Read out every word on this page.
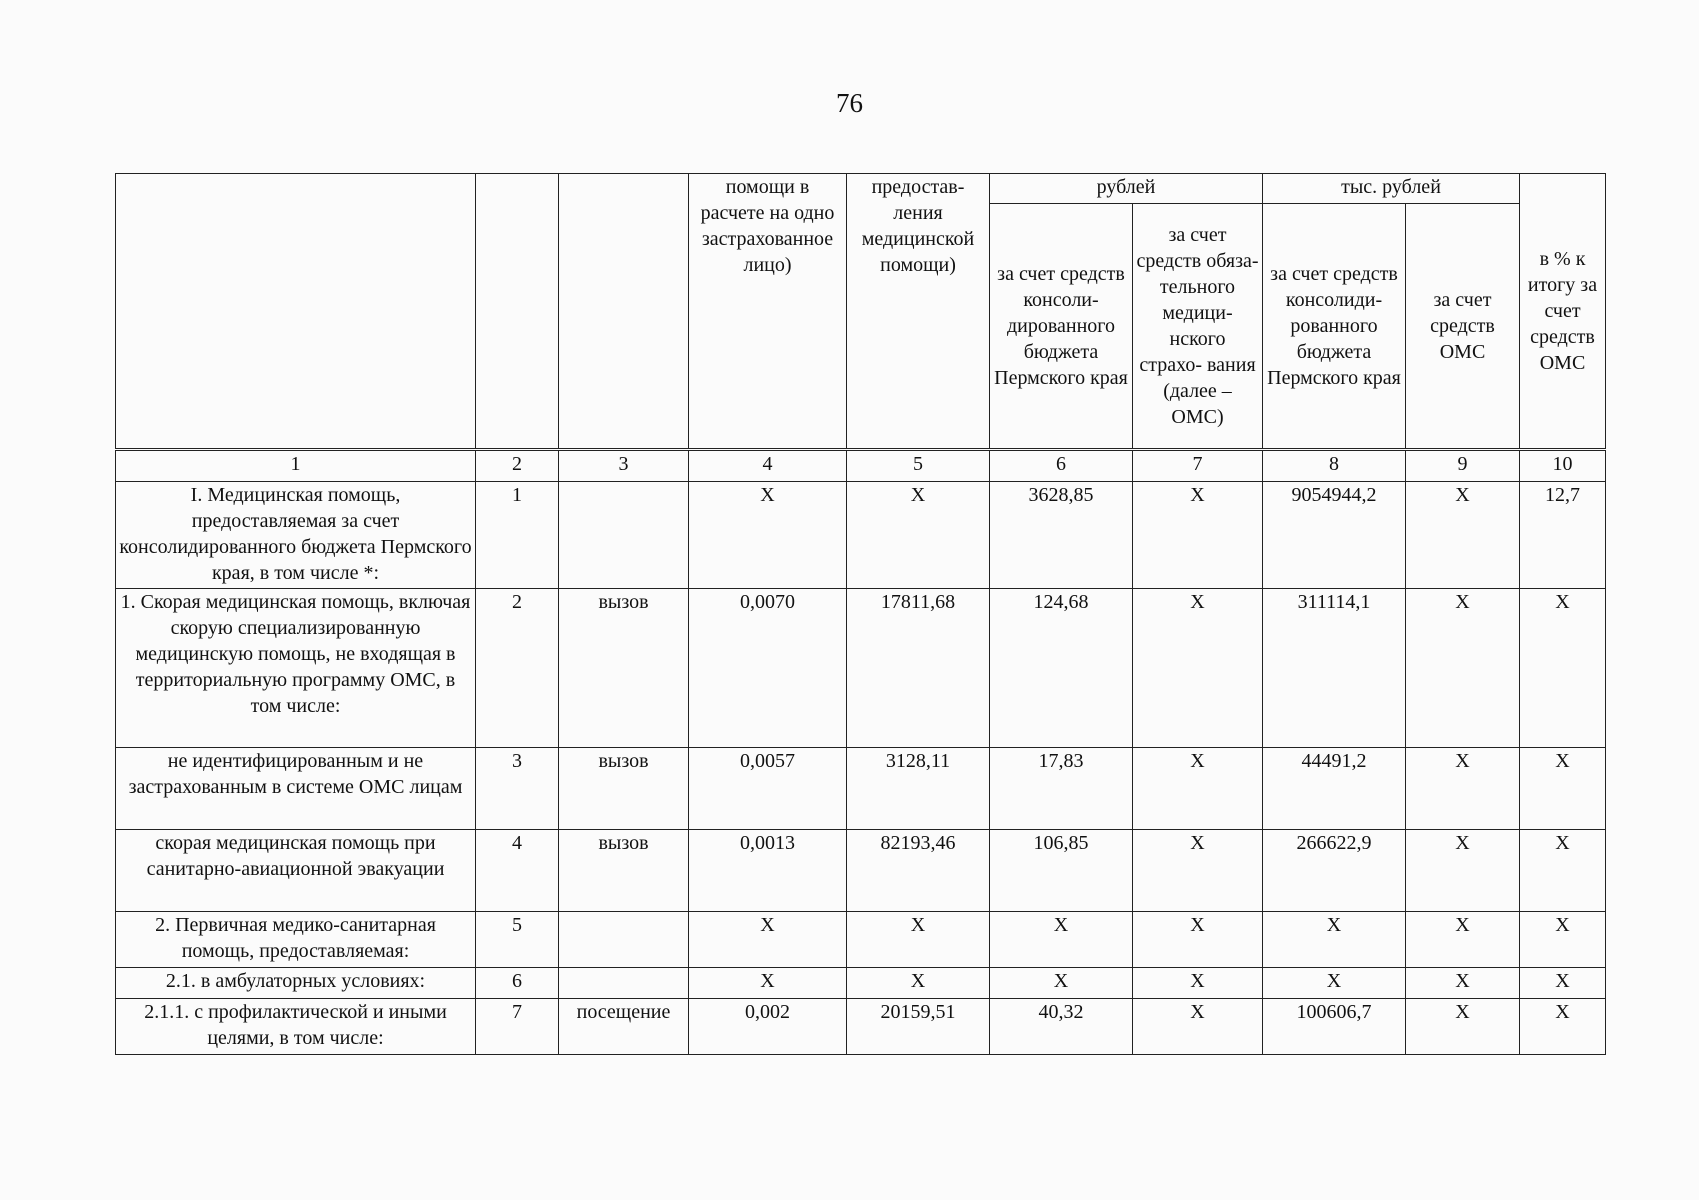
76
			помощи в расчете на одно застрахованное лицо)	предостав- ления медицинской помощи)	рублей		тыс. рублей		в % к итогу за счет средств ОМС
					за счет средств консоли- дированного бюджета Пермского края	за счет средств обяза- тельного медици- нского страхо- вания (далее – ОМС)	за счет средств консолиди- рованного бюджета Пермского края	за счет средств ОМС	
1	2	3	4	5	6	7	8	9	10
I. Медицинская помощь, предоставляемая за счет консолидированного бюджета Пермского края, в том числе *:	1		Х	Х	3628,85	Х	9054944,2	Х	12,7
1. Скорая медицинская помощь, включая скорую специализированную медицинскую помощь, не входящая в территориальную программу ОМС, в том числе:	2	вызов	0,0070	17811,68	124,68	Х	311114,1	Х	Х
не идентифицированным и не застрахованным в системе ОМС лицам	3	вызов	0,0057	3128,11	17,83	Х	44491,2	Х	Х
скорая медицинская помощь при санитарно-авиационной эвакуации	4	вызов	0,0013	82193,46	106,85	Х	266622,9	Х	Х
2. Первичная медико-санитарная помощь, предоставляемая:	5		Х	Х	Х	Х	Х	Х	Х
2.1. в амбулаторных условиях:	6		Х	Х	Х	Х	Х	Х	Х
2.1.1. с профилактической и иными целями, в том числе:	7	посещение	0,002	20159,51	40,32	Х	100606,7	Х	Х
